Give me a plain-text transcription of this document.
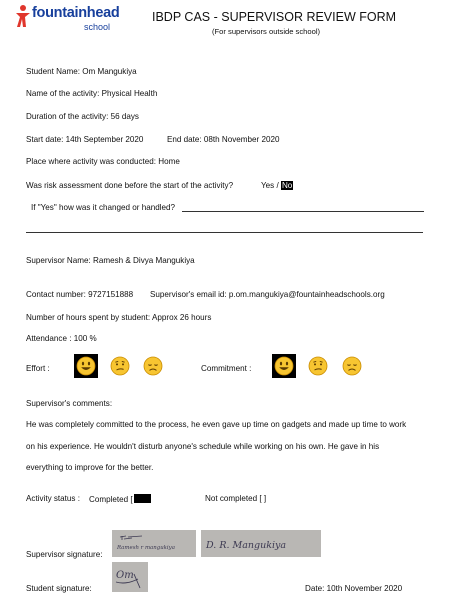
fountainhead
school
IBDP CAS - SUPERVISOR REVIEW FORM
(For supervisors outside school)
Student Name: Om Mangukiya
Name of the activity: Physical Health
Duration of the activity: 56 days
Start date: 14th September 2020	End date: 08th November 2020
Place where activity was conducted: Home
Was risk assessment done before the start of the activity?	Yes / No
If "Yes" how was it changed or handled?
Supervisor Name: Ramesh & Divya Mangukiya
Contact number: 9727151888 Supervisor's email id: p.om.mangukiya@fountainheadschools.org
Number of hours spent by student: Approx 26 hours
Attendance : 100 %
Effort :	Commitment :
Supervisor's comments:
He was completely committed to the process, he even gave up time on gadgets and made up time to work
on his experience. He wouldn't disturb anyone's schedule while working on his own. He gave in his
everything to improve for the better.
Activity status : Completed [	Not completed [ ]
Supervisor signature:
Ramesh r mangukiya	D. R. Mangukiya
Student signature:
Om
Date: 10th November 2020
